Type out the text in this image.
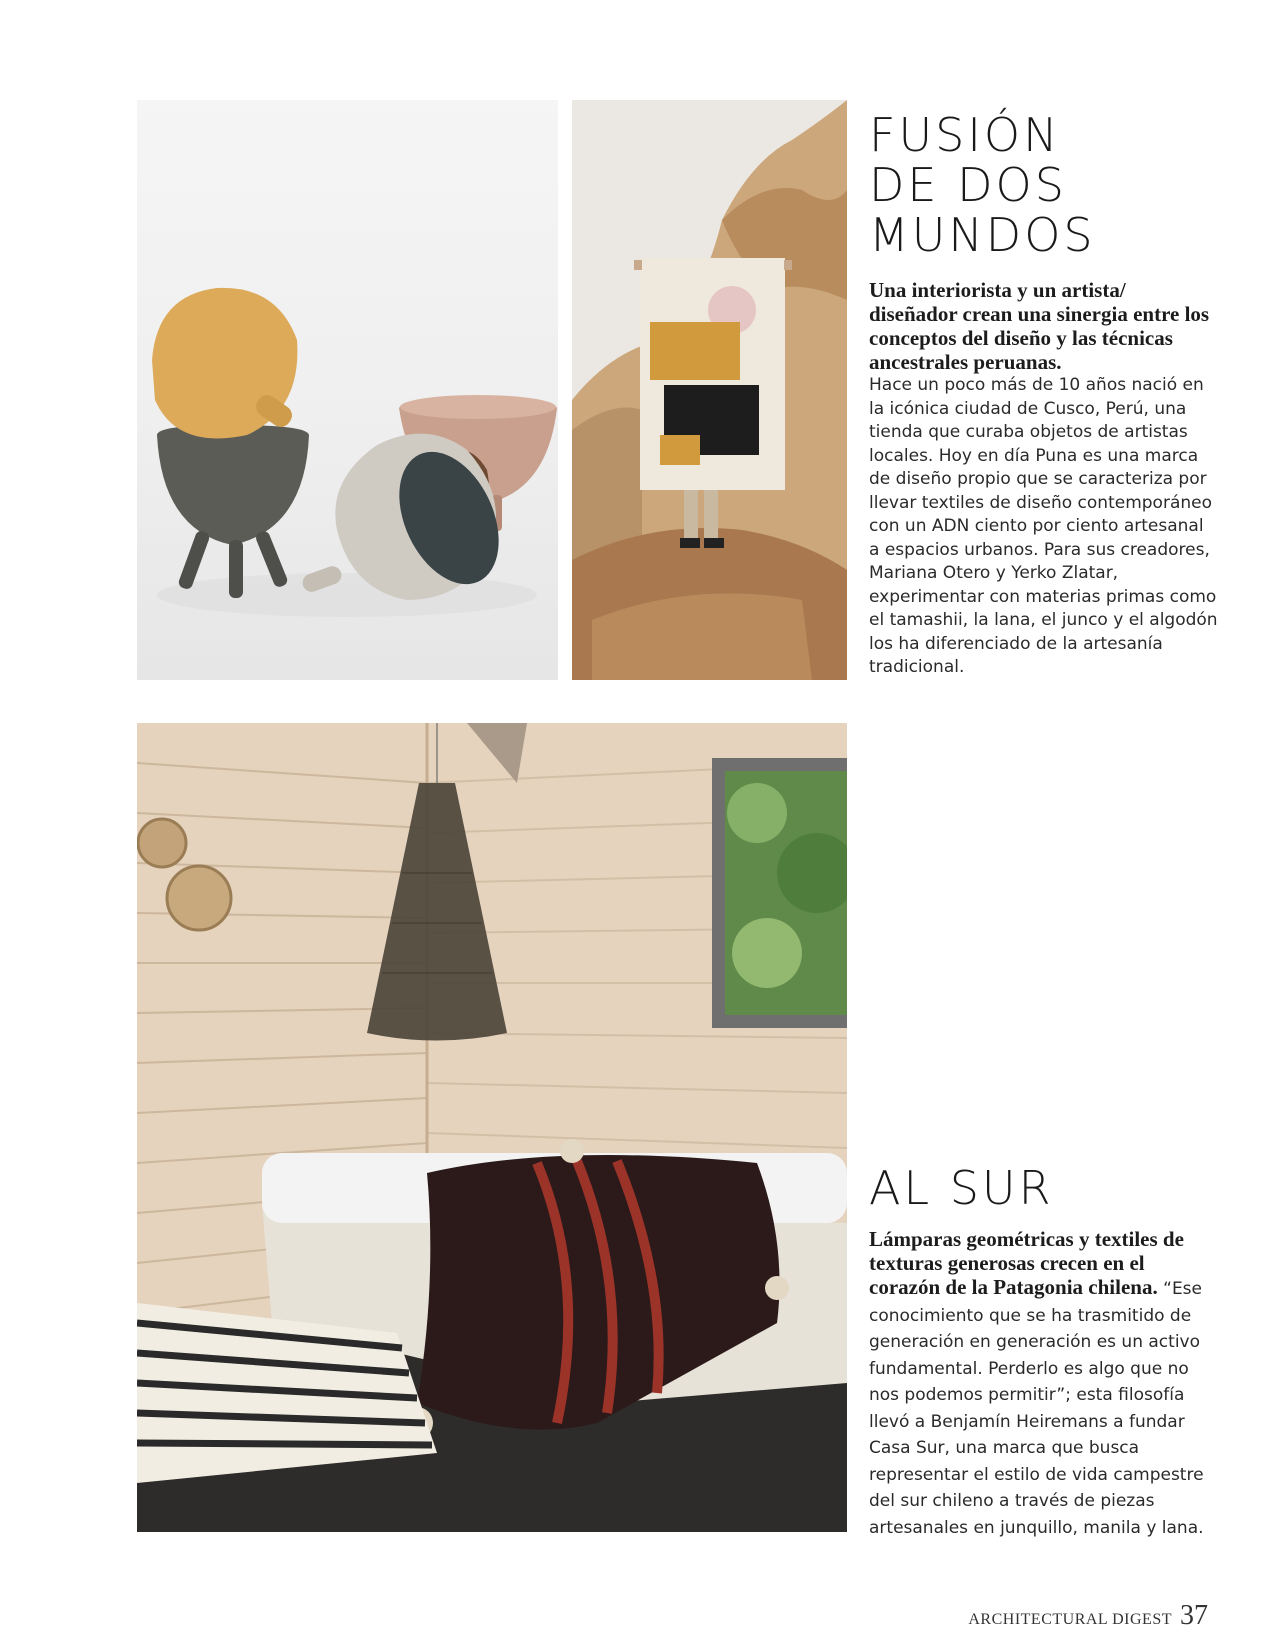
FUSIÓN
DE DOS
MUNDOS

Una interiorista y un artista/ diseñador crean una sinergia entre los conceptos del diseño y las técnicas ancestrales peruanas.

Hace un poco más de 10 años nació en la icónica ciudad de Cusco, Perú, una tienda que curaba objetos de artistas locales. Hoy en día Puna es una marca de diseño propio que se caracteriza por llevar textiles de diseño contemporáneo con un ADN ciento por ciento artesanal a espacios urbanos. Para sus creadores, Mariana Otero y Yerko Zlatar, experimentar con materias primas como el tamashii, la lana, el junco y el algodón los ha diferenciado de la artesanía tradicional.

AL SUR

Lámparas geométricas y textiles de texturas generosas crecen en el corazón de la Patagonia chilena. “Ese conocimiento que se ha trasmitido de generación en generación es un activo fundamental. Perderlo es algo que no nos podemos permitir”; esta filosofía llevó a Benjamín Heiremans a fundar Casa Sur, una marca que busca representar el estilo de vida campestre del sur chileno a través de piezas artesanales en junquillo, manila y lana.

ARCHITECTURAL DIGEST 37
